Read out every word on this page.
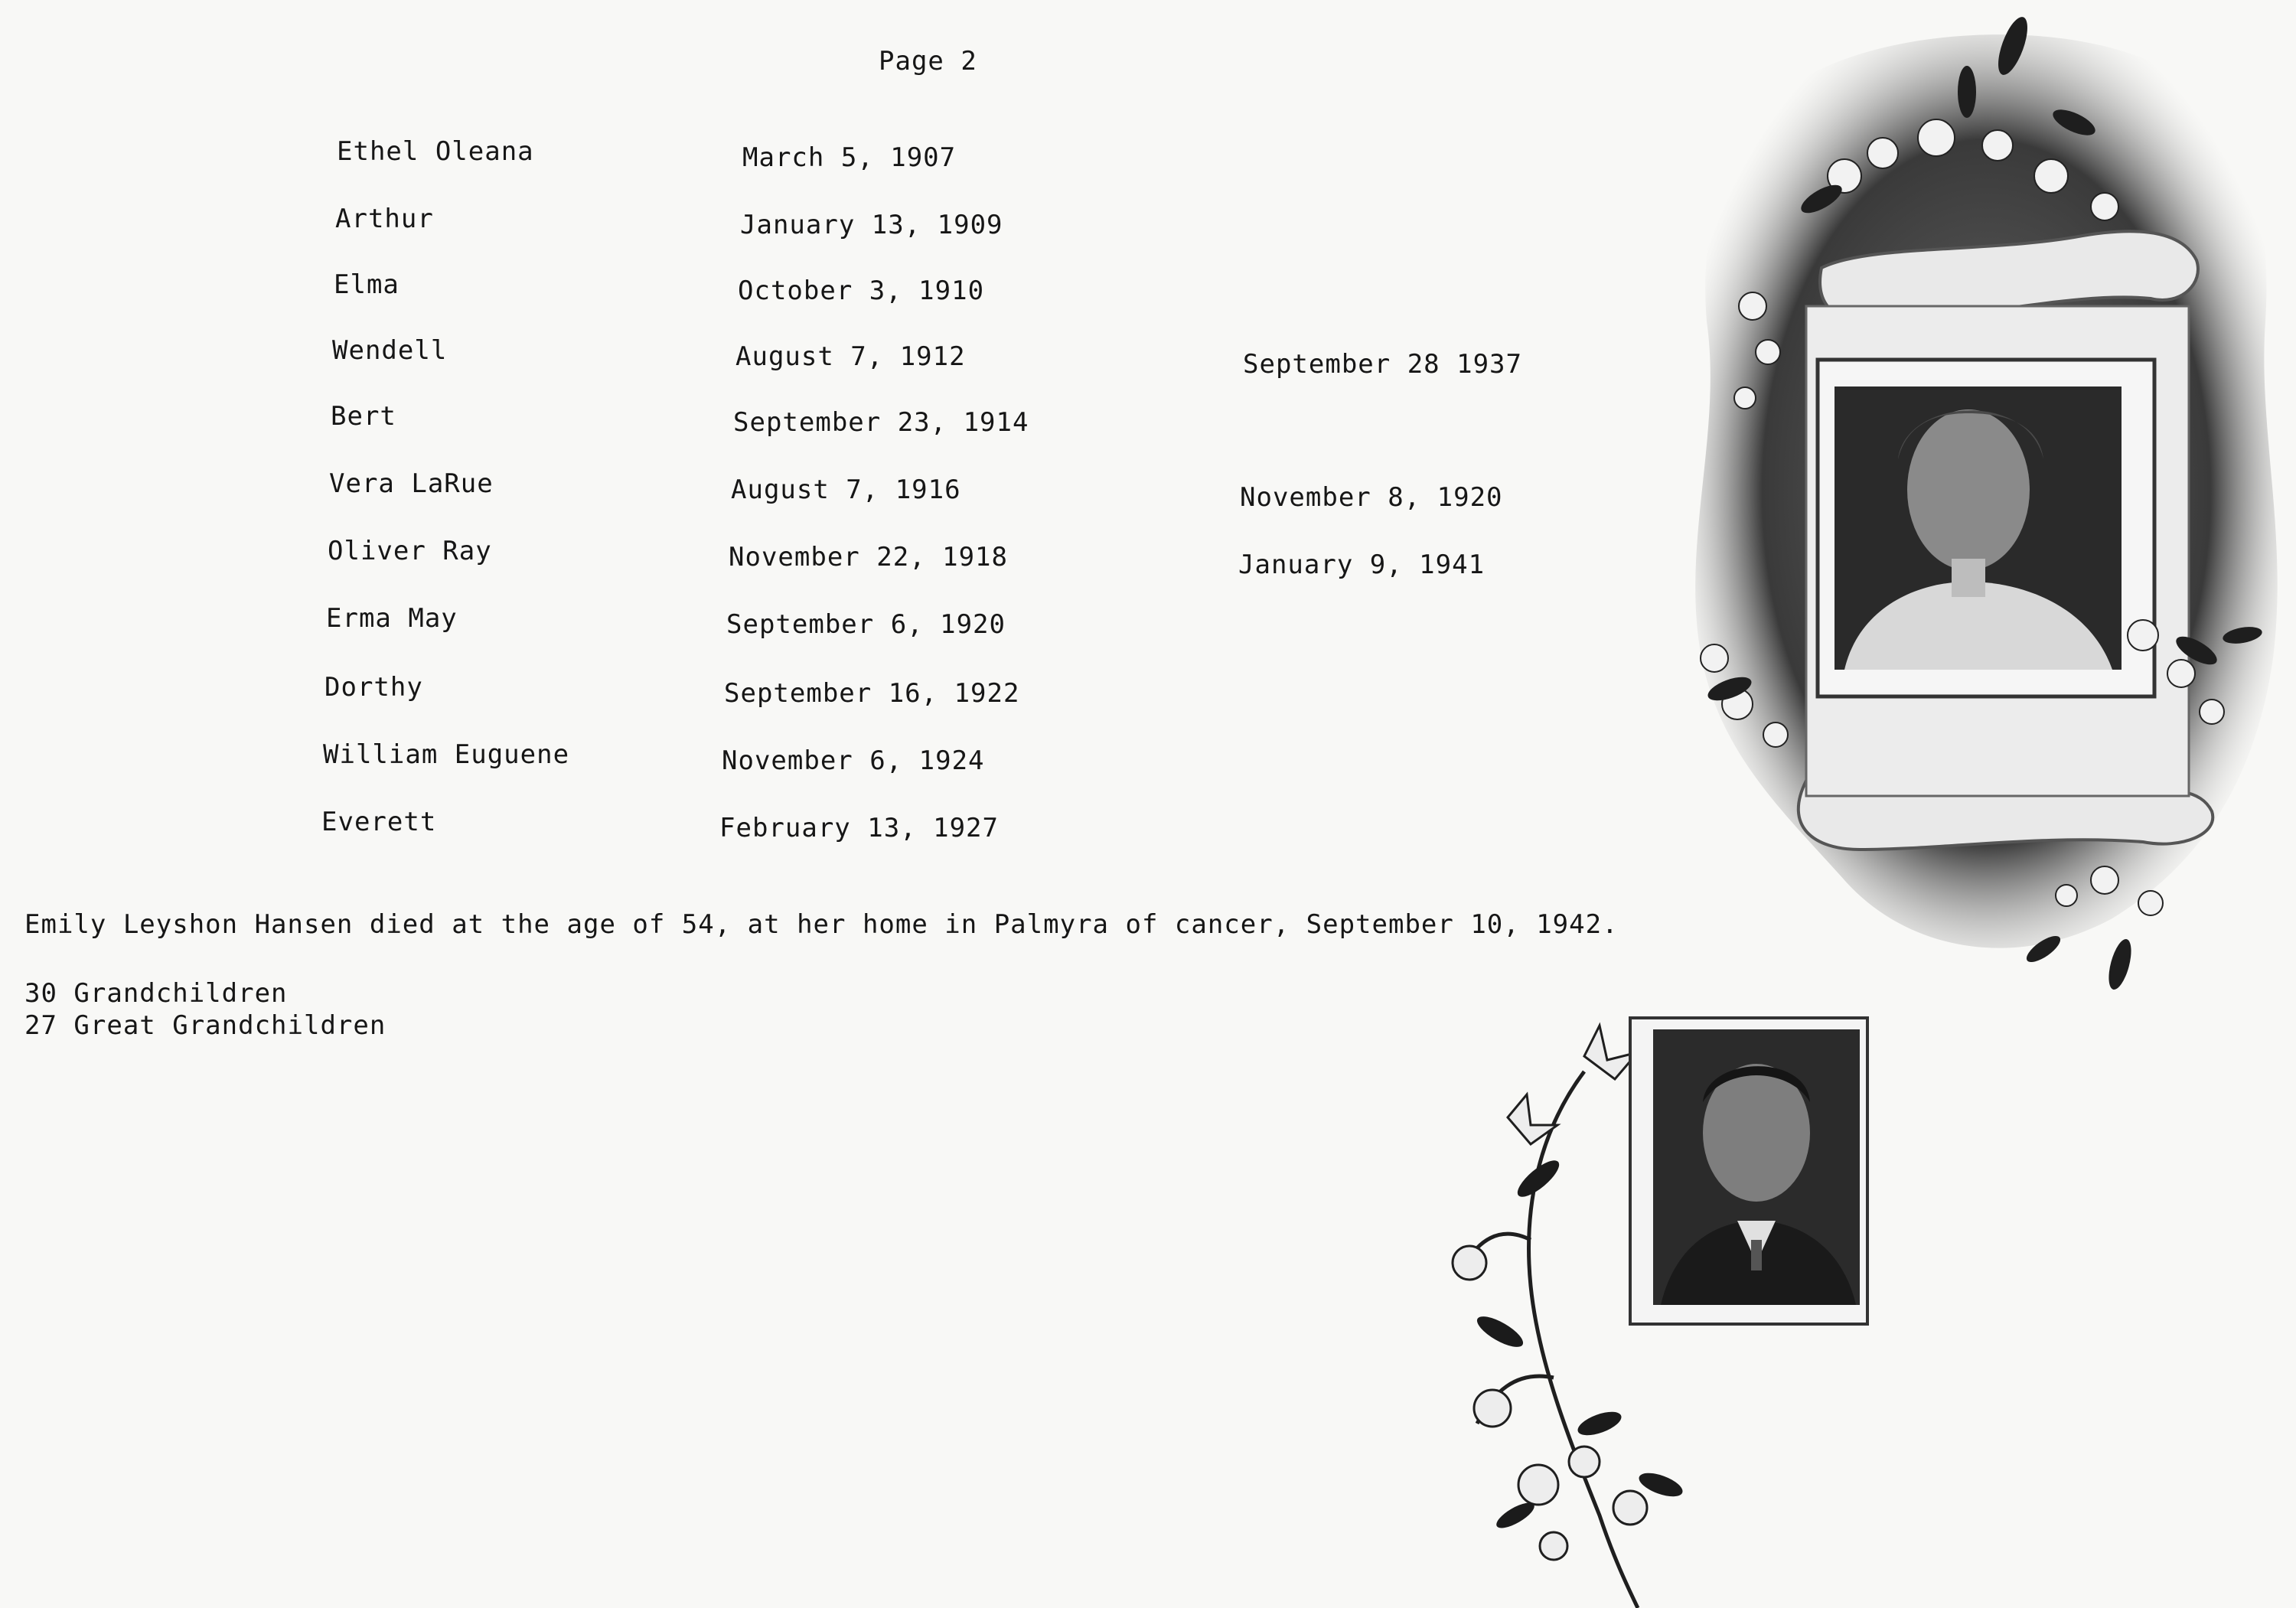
Page 2
Ethel Oleana	March 5, 1907
Arthur	January 13, 1909
Elma	October 3, 1910
Wendell	August 7, 1912	September 28 1937
Bert	September 23, 1914
Vera LaRue	August 7, 1916	November 8, 1920
Oliver Ray	November 22, 1918	January 9, 1941
Erma May	September 6, 1920
Dorthy	September 16, 1922
William Euguene	November 6, 1924
Everett	February 13, 1927
Emily Leyshon Hansen died at the age of 54, at her home in Palmyra of cancer, September 10, 1942.
30 Grandchildren
27 Great Grandchildren
